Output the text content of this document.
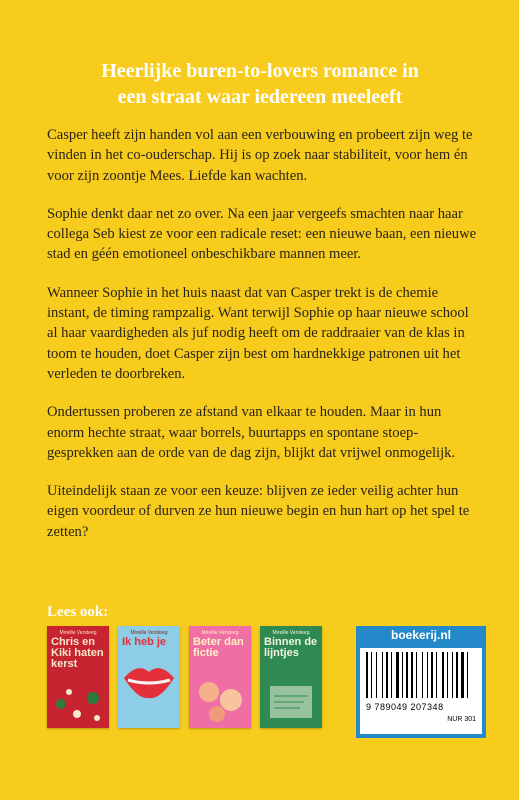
Heerlijke buren-to-lovers romance in
een straat waar iedereen meeleeft

Casper heeft zijn handen vol aan een verbouwing en probeert zijn weg te vinden in het co-ouderschap. Hij is op zoek naar stabiliteit, voor hem én voor zijn zoontje Mees. Liefde kan wachten.

Sophie denkt daar net zo over. Na een jaar vergeefs smachten naar haar collega Seb kiest ze voor een radicale reset: een nieuwe baan, een nieuwe stad en géén emotioneel onbeschikbare mannen meer.

Wanneer Sophie in het huis naast dat van Casper trekt is de chemie instant, de timing rampzalig. Want terwijl Sophie op haar nieuwe school al haar vaardigheden als juf nodig heeft om de raddraaier van de klas in toom te houden, doet Casper zijn best om hardnekkige patronen uit het verleden te doorbreken.

Ondertussen proberen ze afstand van elkaar te houden. Maar in hun enorm hechte straat, waar borrels, buurtapps en spontane stoep-gesprekken aan de orde van de dag zijn, blijkt dat vrijwel onmogelijk.

Uiteindelijk staan ze voor een keuze: blijven ze ieder veilig achter hun eigen voordeur of durven ze hun nieuwe begin en hun hart op het spel te zetten?

Lees ook:
Mireille Versteeg
Chris en Kiki haten kerst
Mireille Versteeg
Ik heb je
Mireille Versteeg
Beter dan fictie
Mireille Versteeg
Binnen de lijntjes
boekerij.nl
9 789049 207348
NUR 301
